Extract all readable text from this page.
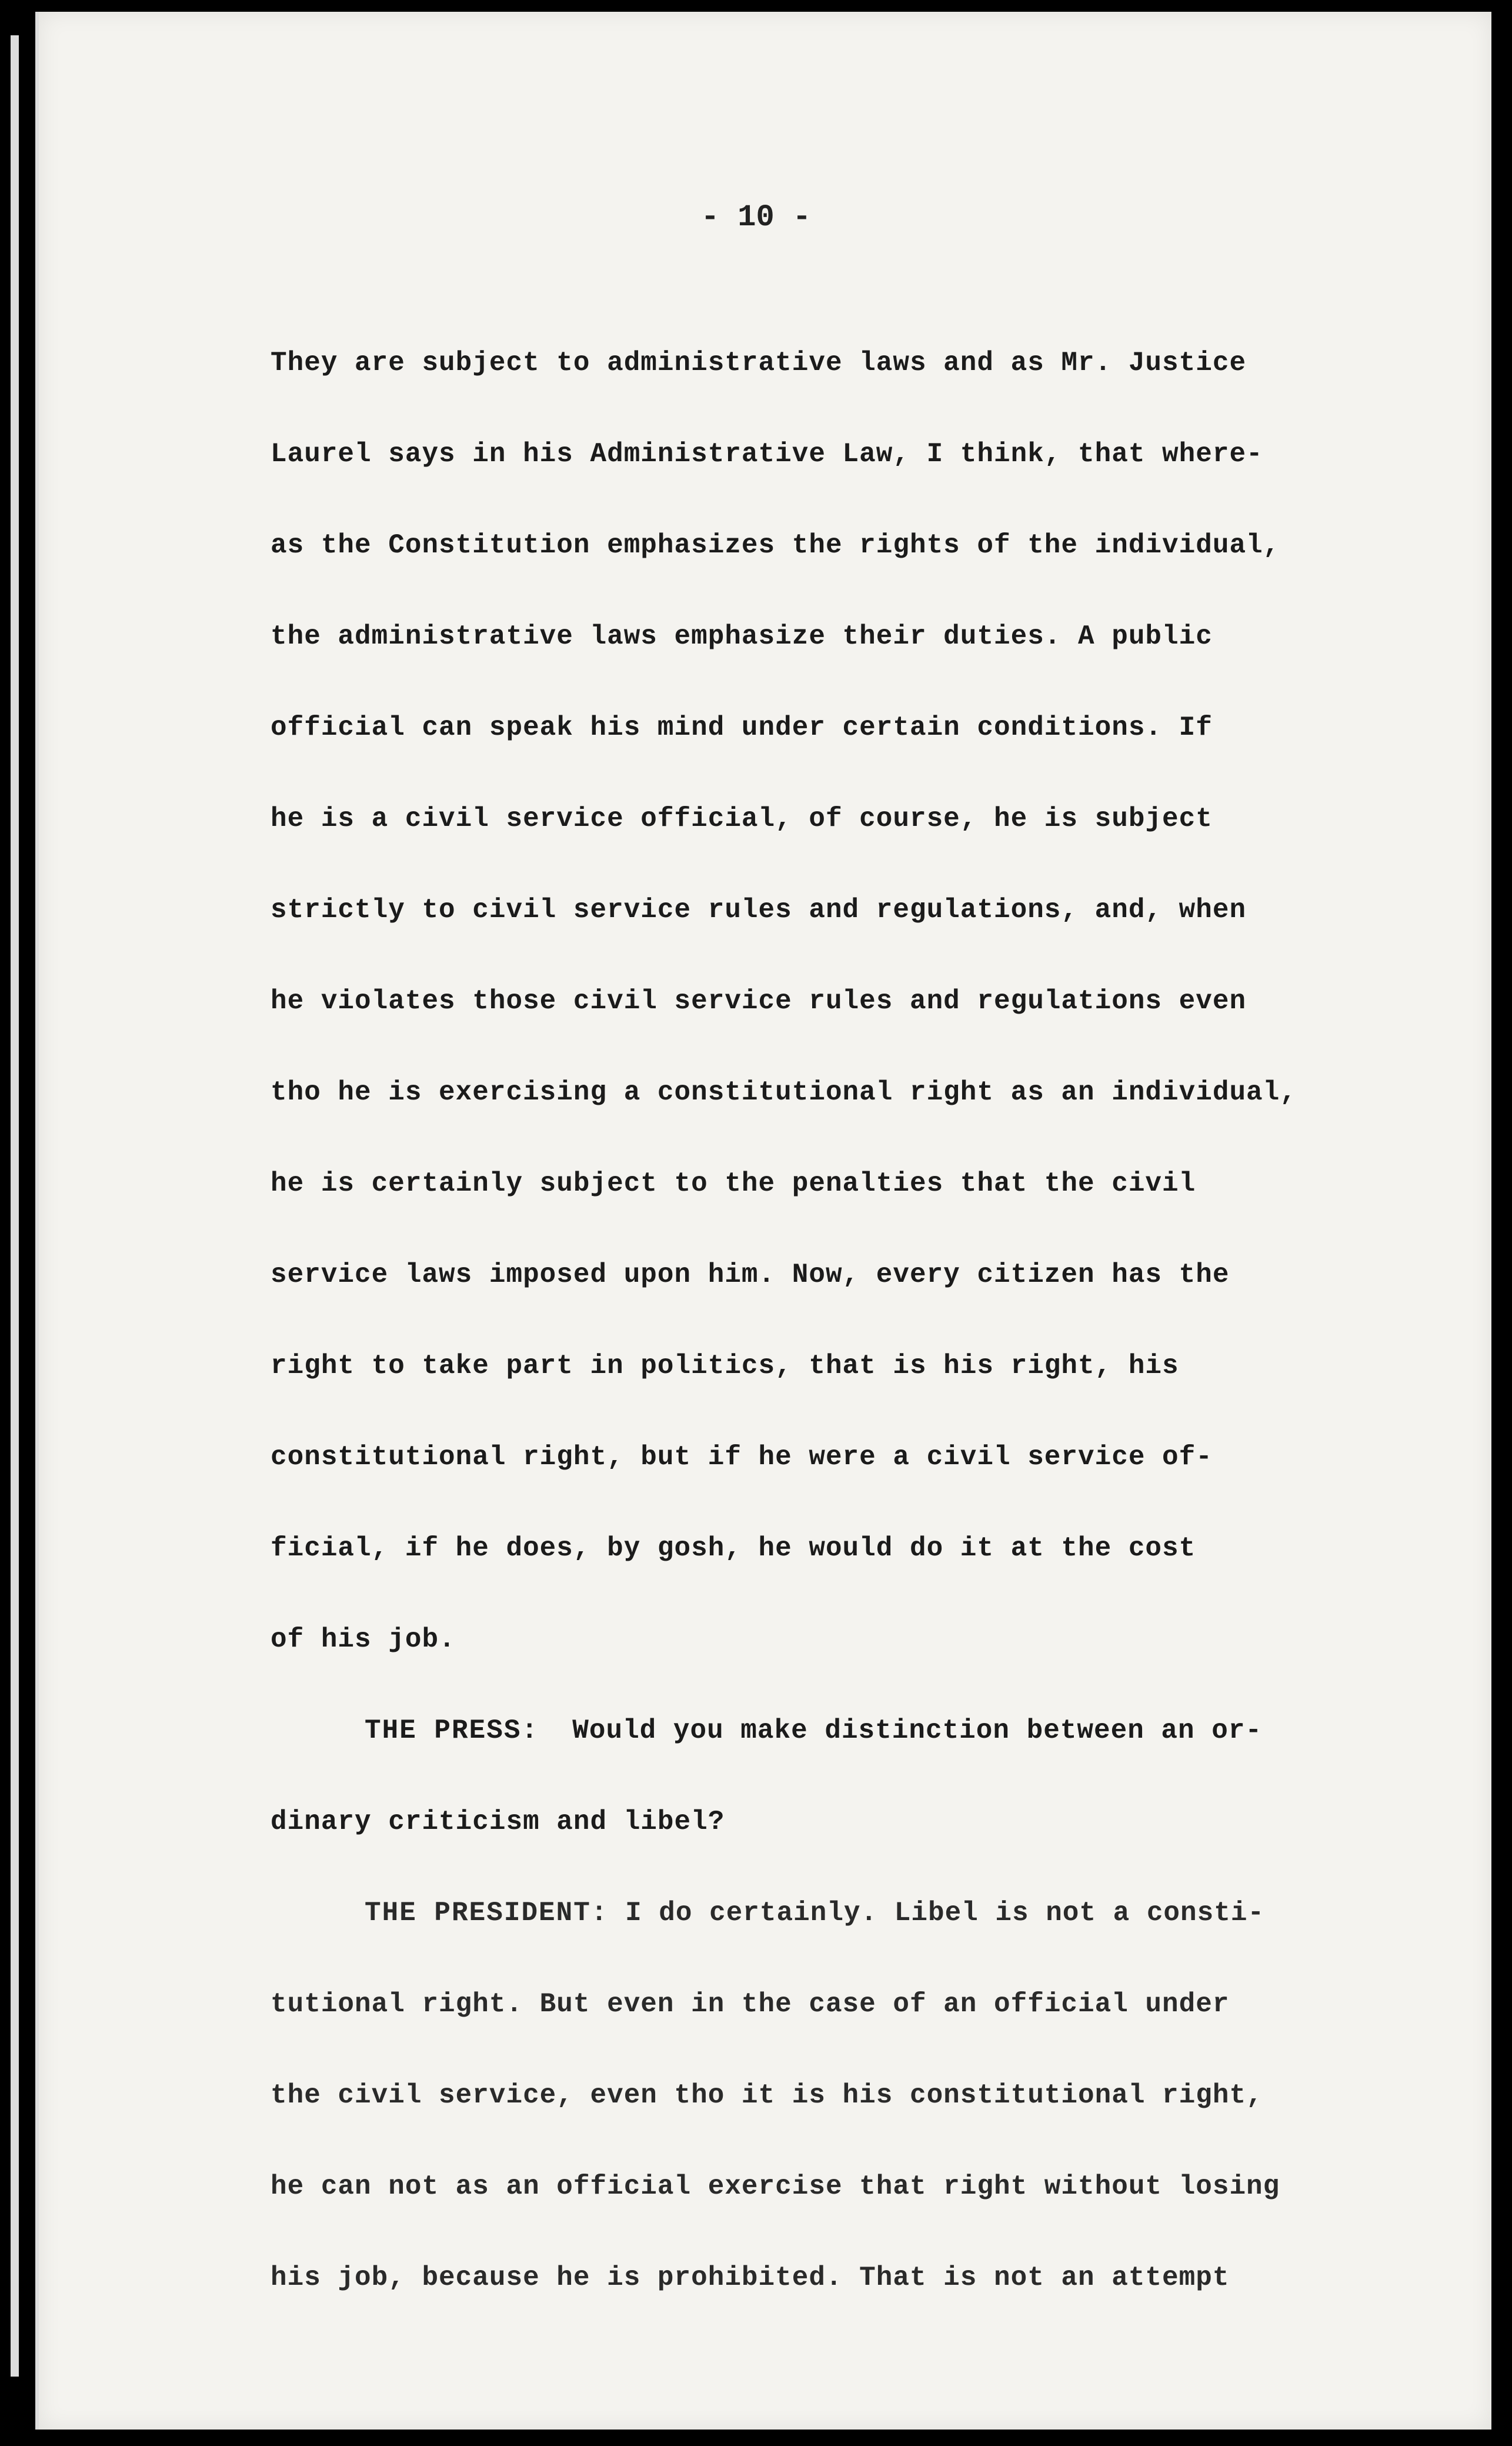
- 10 -
They are subject to administrative laws and as Mr. Justice
Laurel says in his Administrative Law, I think, that where-
as the Constitution emphasizes the rights of the individual,
the administrative laws emphasize their duties. A public
official can speak his mind under certain conditions. If
he is a civil service official, of course, he is subject
strictly to civil service rules and regulations, and, when
he violates those civil service rules and regulations even
tho he is exercising a constitutional right as an individual,
he is certainly subject to the penalties that the civil
service laws imposed upon him. Now, every citizen has the
right to take part in politics, that is his right, his
constitutional right, but if he were a civil service of-
ficial, if he does, by gosh, he would do it at the cost
of his job.
THE PRESS: Would you make distinction between an or-
dinary criticism and libel?
THE PRESIDENT: I do certainly. Libel is not a consti-
tutional right. But even in the case of an official under
the civil service, even tho it is his constitutional right,
he can not as an official exercise that right without losing
his job, because he is prohibited. That is not an attempt
